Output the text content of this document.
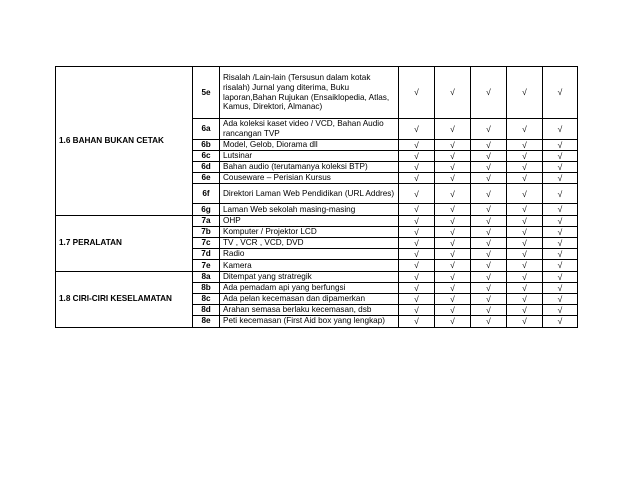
1.6 BAHAN BUKAN CETAK	5e	Risalah /Lain-lain (Tersusun dalam kotak risalah) Jurnal yang diterima, Buku laporan,Bahan Rujukan (Ensaiklopedia, Atlas, Kamus, Direktori, Almanac)	√	√	√	√	√
	6a	Ada koleksi kaset video / VCD, Bahan Audio rancangan TVP	√	√	√	√	√
	6b	Model, Gelob, Diorama dll	√	√	√	√	√
	6c	Lutsinar	√	√	√	√	√
	6d	Bahan audio (terutamanya koleksi BTP)	√	√	√	√	√
	6e	Couseware – Perisian Kursus	√	√	√	√	√
	6f	Direktori Laman Web Pendidikan (URL Addres)	√	√	√	√	√
	6g	Laman Web sekolah masing-masing	√	√	√	√	√
1.7 PERALATAN	7a	OHP	√	√	√	√	√
	7b	Komputer / Projektor LCD	√	√	√	√	√
	7c	TV , VCR , VCD, DVD	√	√	√	√	√
	7d	Radio	√	√	√	√	√
	7e	Kamera	√	√	√	√	√
1.8 CIRI-CIRI KESELAMATAN	8a	Ditempat yang stratregik	√	√	√	√	√
	8b	Ada pemadam api yang berfungsi	√	√	√	√	√
	8c	Ada pelan kecemasan dan dipamerkan	√	√	√	√	√
	8d	Arahan semasa berlaku kecemasan, dsb	√	√	√	√	√
	8e	Peti kecemasan (First Aid box yang lengkap)	√	√	√	√	√
